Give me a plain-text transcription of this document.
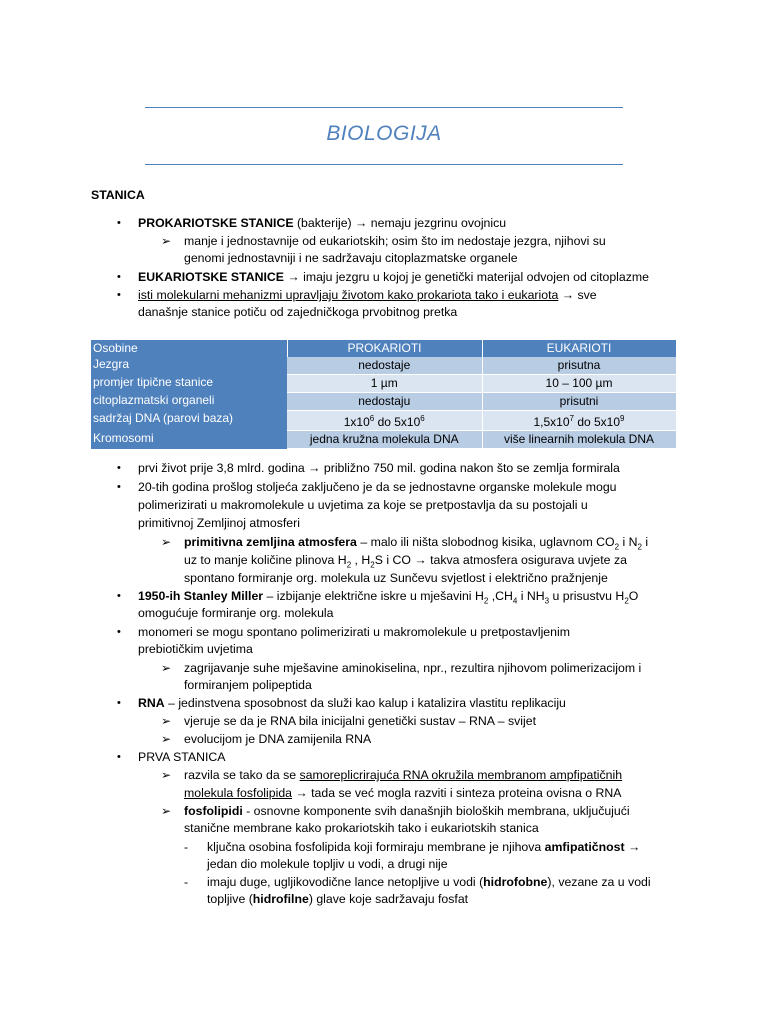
BIOLOGIJA
STANICA
• PROKARIOTSKE STANICE (bakterije) → nemaju jezgrinu ovojnicu
➢ manje i jednostavnije od eukariotskih; osim što im nedostaje jezgra, njihovi su
genomi jednostavniji i ne sadržavaju citoplazmatske organele
• EUKARIOTSKE STANICE → imaju jezgru u kojoj je genetički materijal odvojen od citoplazme
• isti molekularni mehanizmi upravljaju životom kako prokariota tako i eukariota → sve
današnje stanice potiču od zajedničkoga prvobitnog pretka
Osobine	PROKARIOTI	EUKARIOTI
Jezgra	nedostaje	prisutna
promjer tipične stanice	1 µm	10 – 100 µm
citoplazmatski organeli	nedostaju	prisutni
sadržaj DNA (parovi baza)	$1x10^6$ do $5x10^6$	$1,5x10^7$ do $5x10^9$
Kromosomi	jedna kružna molekula DNA	više linearnih molekula DNA
• prvi život prije 3,8 mlrd. godina → približno 750 mil. godina nakon što se zemlja formirala
• 20-tih godina prošlog stoljeća zaključeno je da se jednostavne organske molekule mogu
polimerizirati u makromolekule u uvjetima za koje se pretpostavlja da su postojali u
primitivnoj Zemljinoj atmosferi
➢ primitivna zemljina atmosfera – malo ili ništa slobodnog kisika, uglavnom $CO_2$ i $N_2$ i
uz to manje količine plinova $H_2$ , $H_2S$ i CO → takva atmosfera osigurava uvjete za
spontano formiranje org. molekula uz Sunčevu svjetlost i električno pražnjenje
• 1950-ih Stanley Miller – izbijanje električne iskre u mješavini $H_2$ $,CH_4$ i $NH_3$ u prisustvu $H_2O$
omogućuje formiranje org. molekula
• monomeri se mogu spontano polimerizirati u makromolekule u pretpostavljenim
prebiotičkim uvjetima
➢ zagrijavanje suhe mješavine aminokiselina, npr., rezultira njihovom polimerizacijom i
formiranjem polipeptida
• RNA – jedinstvena sposobnost da služi kao kalup i katalizira vlastitu replikaciju
➢ vjeruje se da je RNA bila inicijalni genetički sustav – RNA – svijet
➢ evolucijom je DNA zamijenila RNA
• PRVA STANICA
➢ razvila se tako da se samoreplicrirajuća RNA okružila membranom ampfipatičnih
molekula fosfolipida → tada se već mogla razviti i sinteza proteina ovisna o RNA
➢ fosfolipidi - osnovne komponente svih današnjih bioloških membrana, uključujući
stanične membrane kako prokariotskih tako i eukariotskih stanica
- ključna osobina fosfolipida koji formiraju membrane je njihova amfipatičnost →
jedan dio molekule topljiv u vodi, a drugi nije
- imaju duge, ugljikovodične lance netopljive u vodi (hidrofobne), vezane za u vodi
topljive (hidrofilne) glave koje sadržavaju fosfat
